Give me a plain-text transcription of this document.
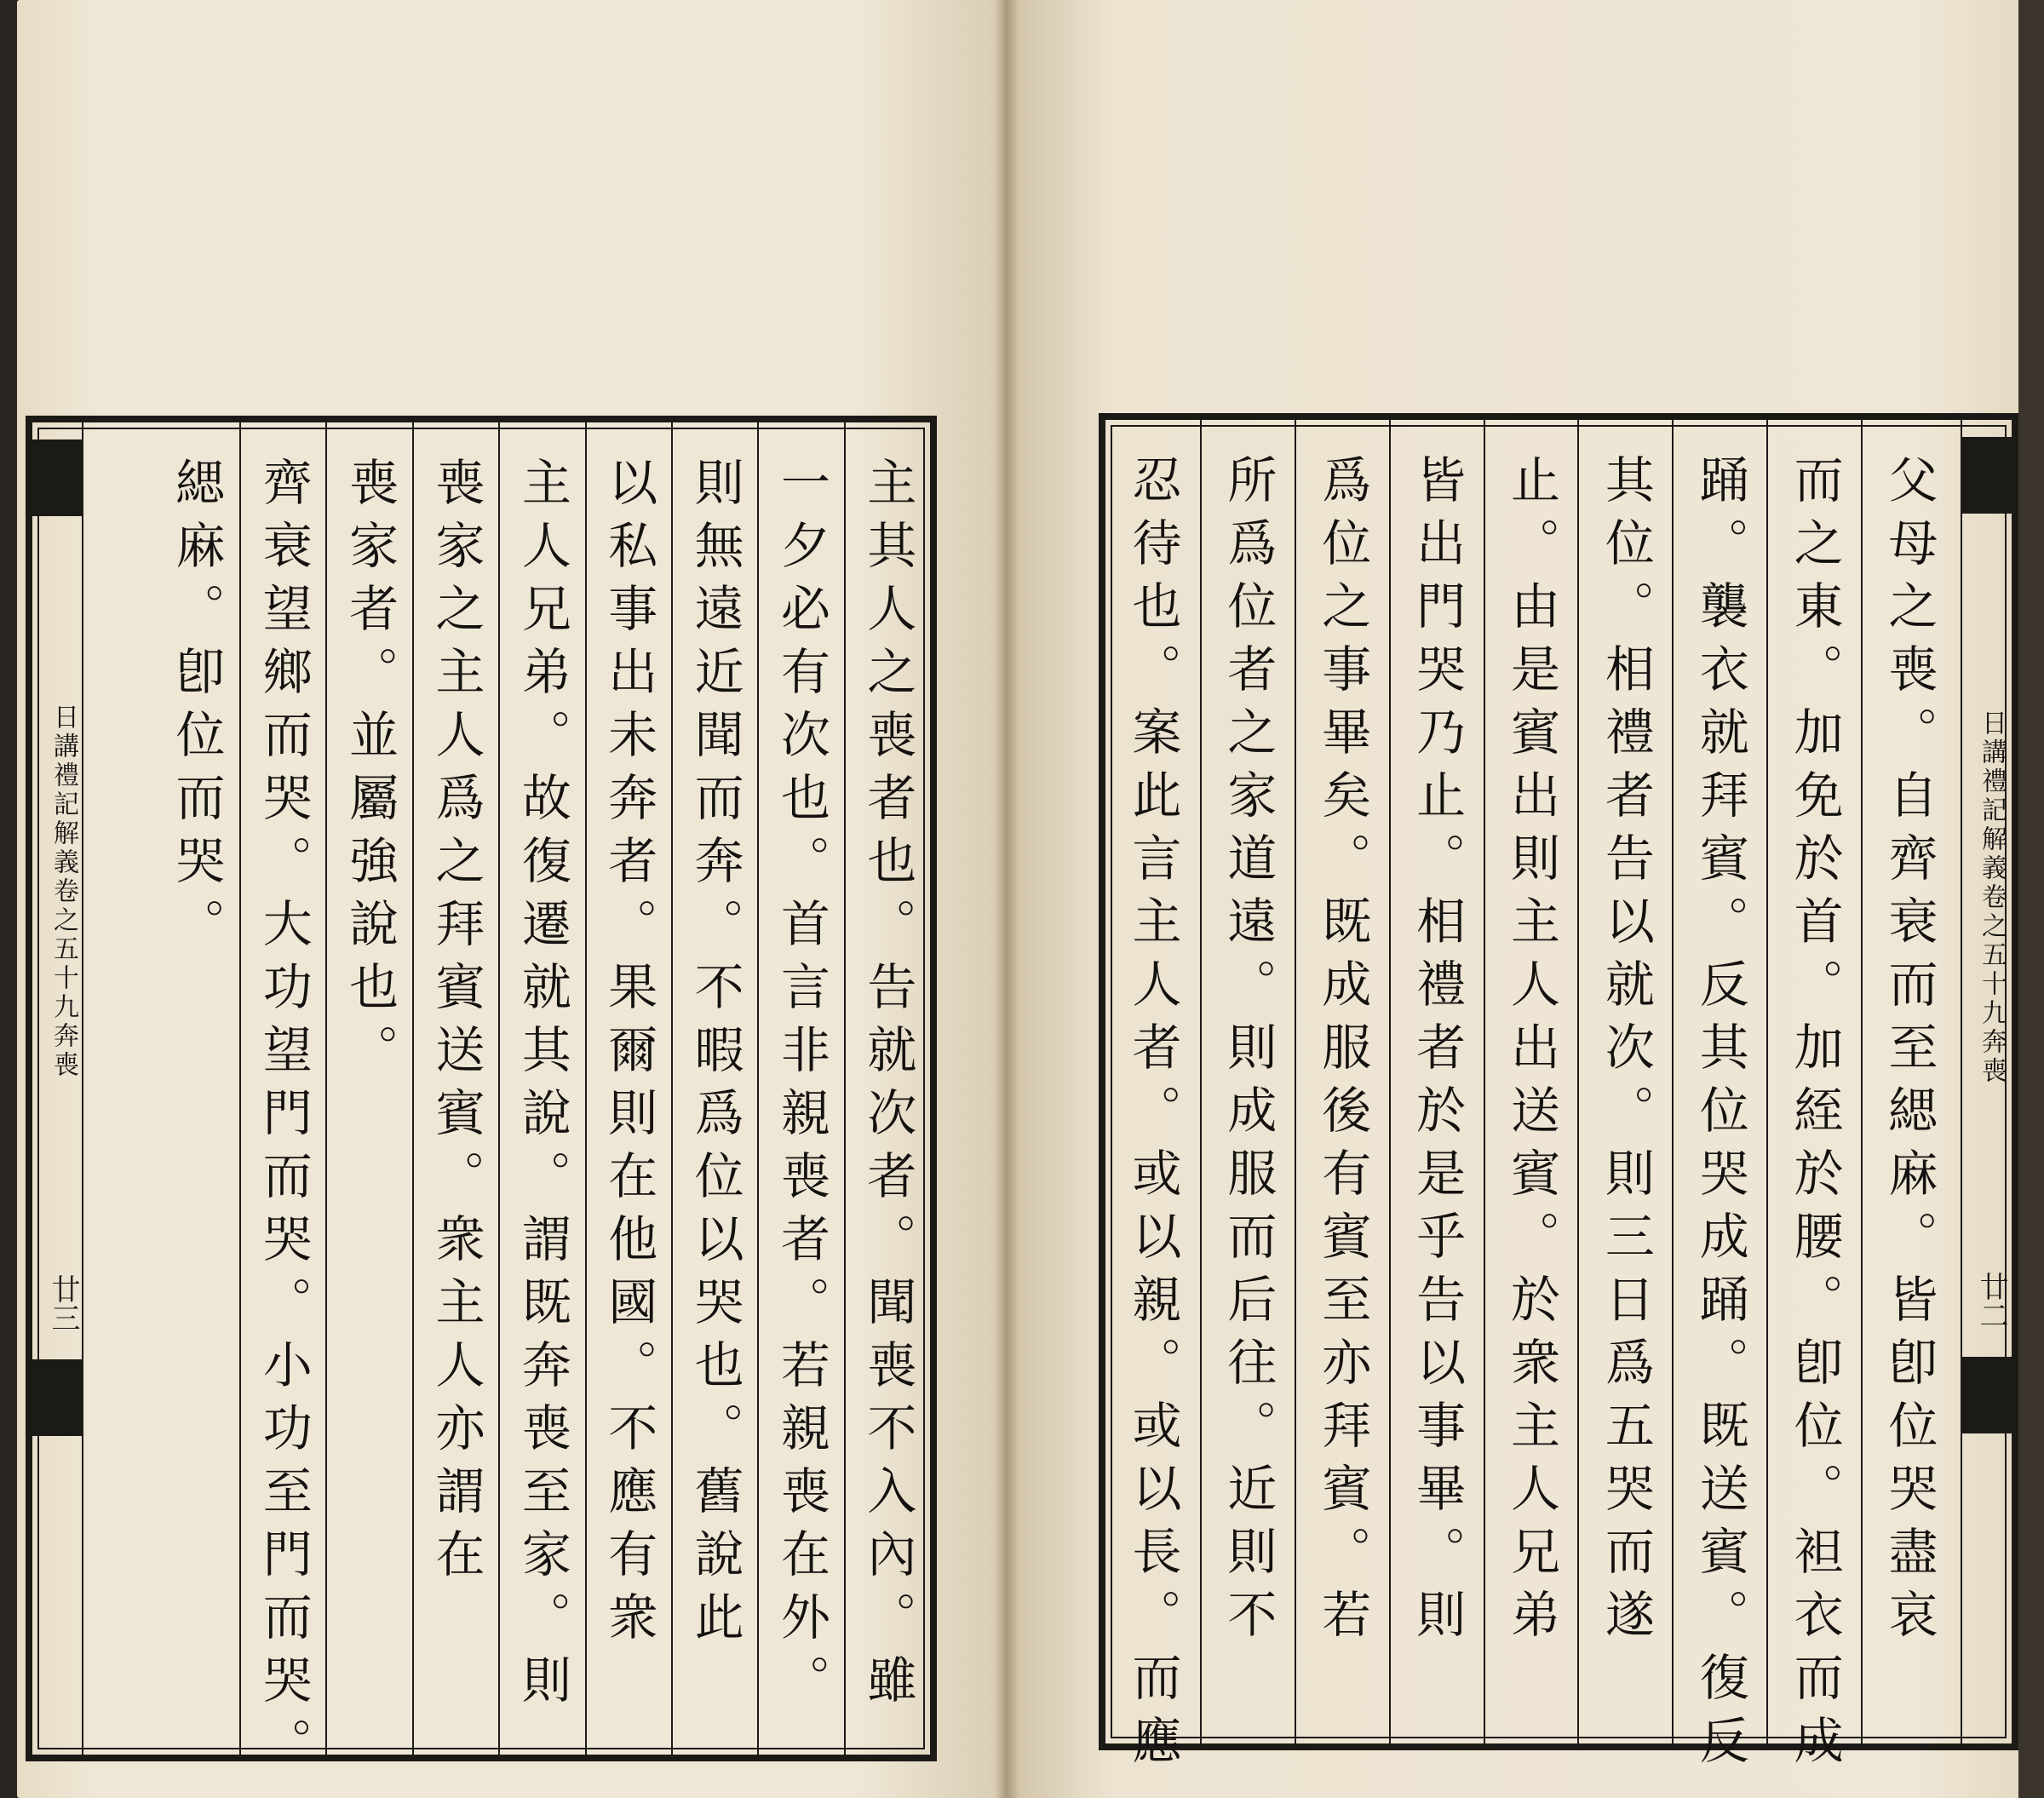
日講禮記解義卷之五十九奔喪
廿三	主其人之喪者也。告就次者。聞喪不入內。雖
一夕必有次也。首言非親喪者。若親喪在外。
則無遠近聞而奔。不暇爲位以哭也。舊說此
以私事出未奔者。果爾則在他國。不應有衆
主人兄弟。故復遷就其說。謂既奔喪至家。則
喪家之主人爲之拜賓送賓。衆主人亦謂在
喪家者。並屬強說也。
齊衰望鄉而哭。大功望門而哭。小功至門而哭。
緦麻。卽位而哭。	父母之喪。自齊衰而至緦麻。皆卽位哭盡哀
而之東。加免於首。加絰於腰。卽位。袒衣而成
踊。襲衣就拜賓。反其位哭成踊。既送賓。復反
其位。相禮者告以就次。則三日爲五哭而遂
止。由是賓出則主人出送賓。於衆主人兄弟
皆出門哭乃止。相禮者於是乎告以事畢。則
爲位之事畢矣。既成服後有賓至亦拜賓。若
所爲位者之家道遠。則成服而后往。近則不
忍待也。案此言主人者。或以親。或以長。而應	日講禮記解義卷之五十九奔喪
廿二
